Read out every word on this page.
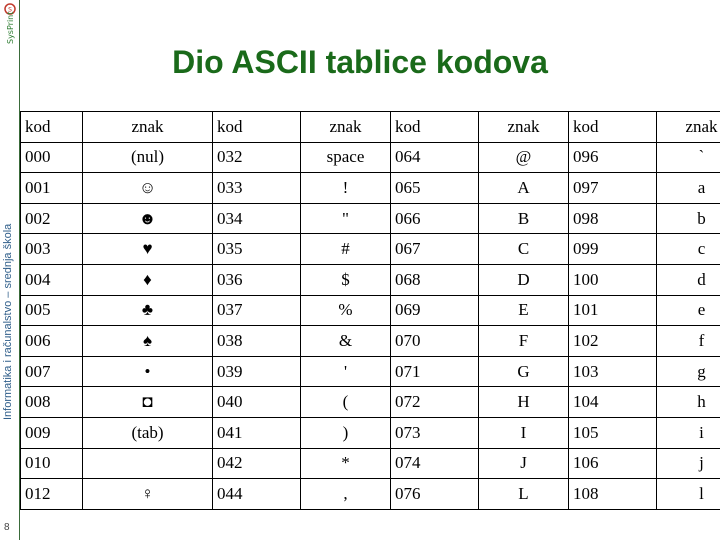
S
SysPrint
Informatika i računalstvo – srednja škola
8
Dio ASCII tablice kodova
kod	znak	kod	znak	kod	znak	kod	znak
000	(nul)	032	space	064	@	096	`
001	☺	033	!	065	A	097	a
002	☻	034	"	066	B	098	b
003	♥	035	#	067	C	099	c
004	♦	036	$	068	D	100	d
005	♣	037	%	069	E	101	e
006	♠	038	&	070	F	102	f
007	•	039	'	071	G	103	g
008	◘	040	(	072	H	104	h
009	(tab)	041	)	073	I	105	i
010		042	*	074	J	106	j
012	♀	044	,	076	L	108	l
